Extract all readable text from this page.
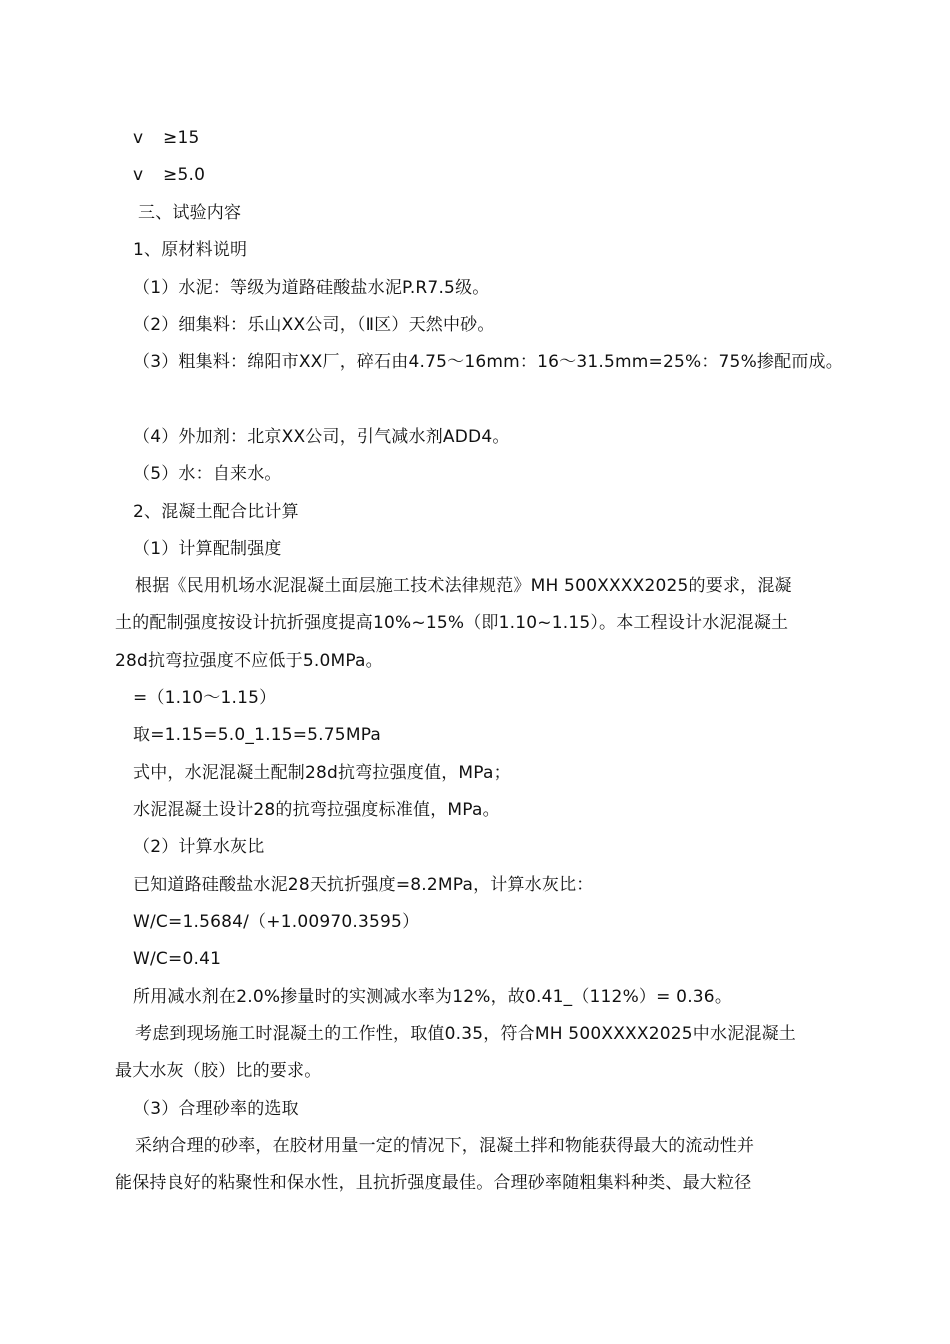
v ≥15
v ≥5.0
三、试验内容
1、原材料说明
（1）水泥：等级为道路硅酸盐水泥P.R7.5级。
（2）细集料：乐山XX公司，（Ⅱ区）天然中砂。
（3）粗集料：绵阳市XX厂，碎石由4.75～16mm：16～31.5mm=25%：75%掺配而成。
（4）外加剂：北京XX公司，引气减水剂ADD4。
（5）水：自来水。
2、混凝土配合比计算
（1）计算配制强度
根据《民用机场水泥混凝土面层施工技术法律规范》MH 500XXXX2025的要求，混凝
土的配制强度按设计抗折强度提高10%~15%（即1.10~1.15）。本工程设计水泥混凝土
28d抗弯拉强度不应低于5.0MPa。
=（1.10～1.15）
取=1.15=5.0_1.15=5.75MPa
式中，水泥混凝土配制28d抗弯拉强度值，MPa；
水泥混凝土设计28的抗弯拉强度标准值，MPa。
（2）计算水灰比
已知道路硅酸盐水泥28天抗折强度=8.2MPa，计算水灰比：
W/C=1.5684/（+1.00970.3595）
W/C=0.41
所用减水剂在2.0%掺量时的实测减水率为12%，故0.41_（112%）= 0.36。
考虑到现场施工时混凝土的工作性，取值0.35，符合MH 500XXXX2025中水泥混凝土
最大水灰（胶）比的要求。
（3）合理砂率的选取
采纳合理的砂率，在胶材用量一定的情况下，混凝土拌和物能获得最大的流动性并
能保持良好的粘聚性和保水性，且抗折强度最佳。合理砂率随粗集料种类、最大粒径
